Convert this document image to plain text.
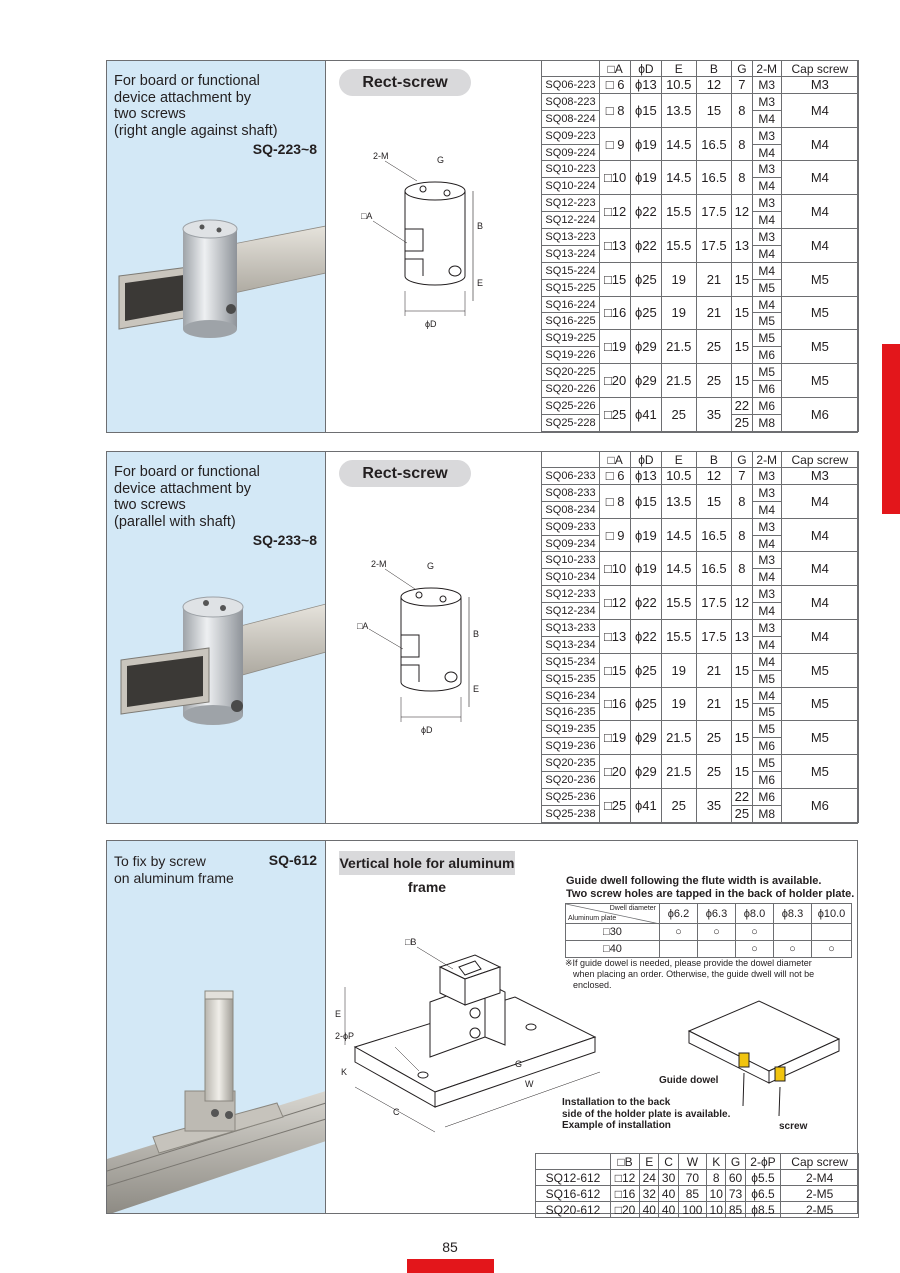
For board or functional
device attachment by
two screws
(right angle against shaft)
SQ-223~8
Rect-screw
2-M	G
□A
B
E
ϕD
	□A	ϕD	E	B	G	2-M	Cap screw
SQ06-223	□ 6	ϕ13	10.5	12	7	M3	M3
SQ08-223	□ 8	ϕ15	13.5	15	8	M3	M4
SQ08-224						M4	
SQ09-223	□ 9	ϕ19	14.5	16.5	8	M3	M4
SQ09-224						M4	
SQ10-223	□10	ϕ19	14.5	16.5	8	M3	M4
SQ10-224						M4	
SQ12-223	□12	ϕ22	15.5	17.5	12	M3	M4
SQ12-224						M4	
SQ13-223	□13	ϕ22	15.5	17.5	13	M3	M4
SQ13-224						M4	
SQ15-224	□15	ϕ25	19	21	15	M4	M5
SQ15-225						M5	
SQ16-224	□16	ϕ25	19	21	15	M4	M5
SQ16-225						M5	
SQ19-225	□19	ϕ29	21.5	25	15	M5	M5
SQ19-226						M6	
SQ20-225	□20	ϕ29	21.5	25	15	M5	M5
SQ20-226						M6	
SQ25-226	□25	ϕ41	25	35	22	M6	M6
SQ25-228					25	M8	
For board or functional
device attachment by
two screws
(parallel with shaft)
SQ-233~8
Rect-screw
2-M	G
□A
B
E
ϕD
	□A	ϕD	E	B	G	2-M	Cap screw
SQ06-233	□ 6	ϕ13	10.5	12	7	M3	M3
SQ08-233	□ 8	ϕ15	13.5	15	8	M3	M4
SQ08-234						M4	
SQ09-233	□ 9	ϕ19	14.5	16.5	8	M3	M4
SQ09-234						M4	
SQ10-233	□10	ϕ19	14.5	16.5	8	M3	M4
SQ10-234						M4	
SQ12-233	□12	ϕ22	15.5	17.5	12	M3	M4
SQ12-234						M4	
SQ13-233	□13	ϕ22	15.5	17.5	13	M3	M4
SQ13-234						M4	
SQ15-234	□15	ϕ25	19	21	15	M4	M5
SQ15-235						M5	
SQ16-234	□16	ϕ25	19	21	15	M4	M5
SQ16-235						M5	
SQ19-235	□19	ϕ29	21.5	25	15	M5	M5
SQ19-236						M6	
SQ20-235	□20	ϕ29	21.5	25	15	M5	M5
SQ20-236						M6	
SQ25-236	□25	ϕ41	25	35	22	M6	M6
SQ25-238					25	M8	
To fix by screw
on aluminum frame
SQ-612 Vertical hole for aluminum frame	Guide dwell following the flute width is available.
Two screw holes are tapped in the back of holder plate.
Dwell diameter
Aluminum plate	ϕ6.2	ϕ6.3	ϕ8.0	ϕ8.3	ϕ10.0
□30	○	○	○		
□40			○	○	○
※If guide dowel is needed, please provide the dowel diameter
when placing an order. Otherwise, the guide dwell will not be
enclosed.
□B
E
2-ϕP
K
C
G
W	Guide dowel
screw
Installation to the back
side of the holder plate is available.
Example of installation
	□B	E	C	W	K	G	2-ϕP	Cap screw
SQ12-612	□12	24	30	70	8	60	ϕ5.5	2-M4
SQ16-612	□16	32	40	85	10	73	ϕ6.5	2-M5
SQ20-612	□20	40	40	100	10	85	ϕ8.5	2-M5
85
